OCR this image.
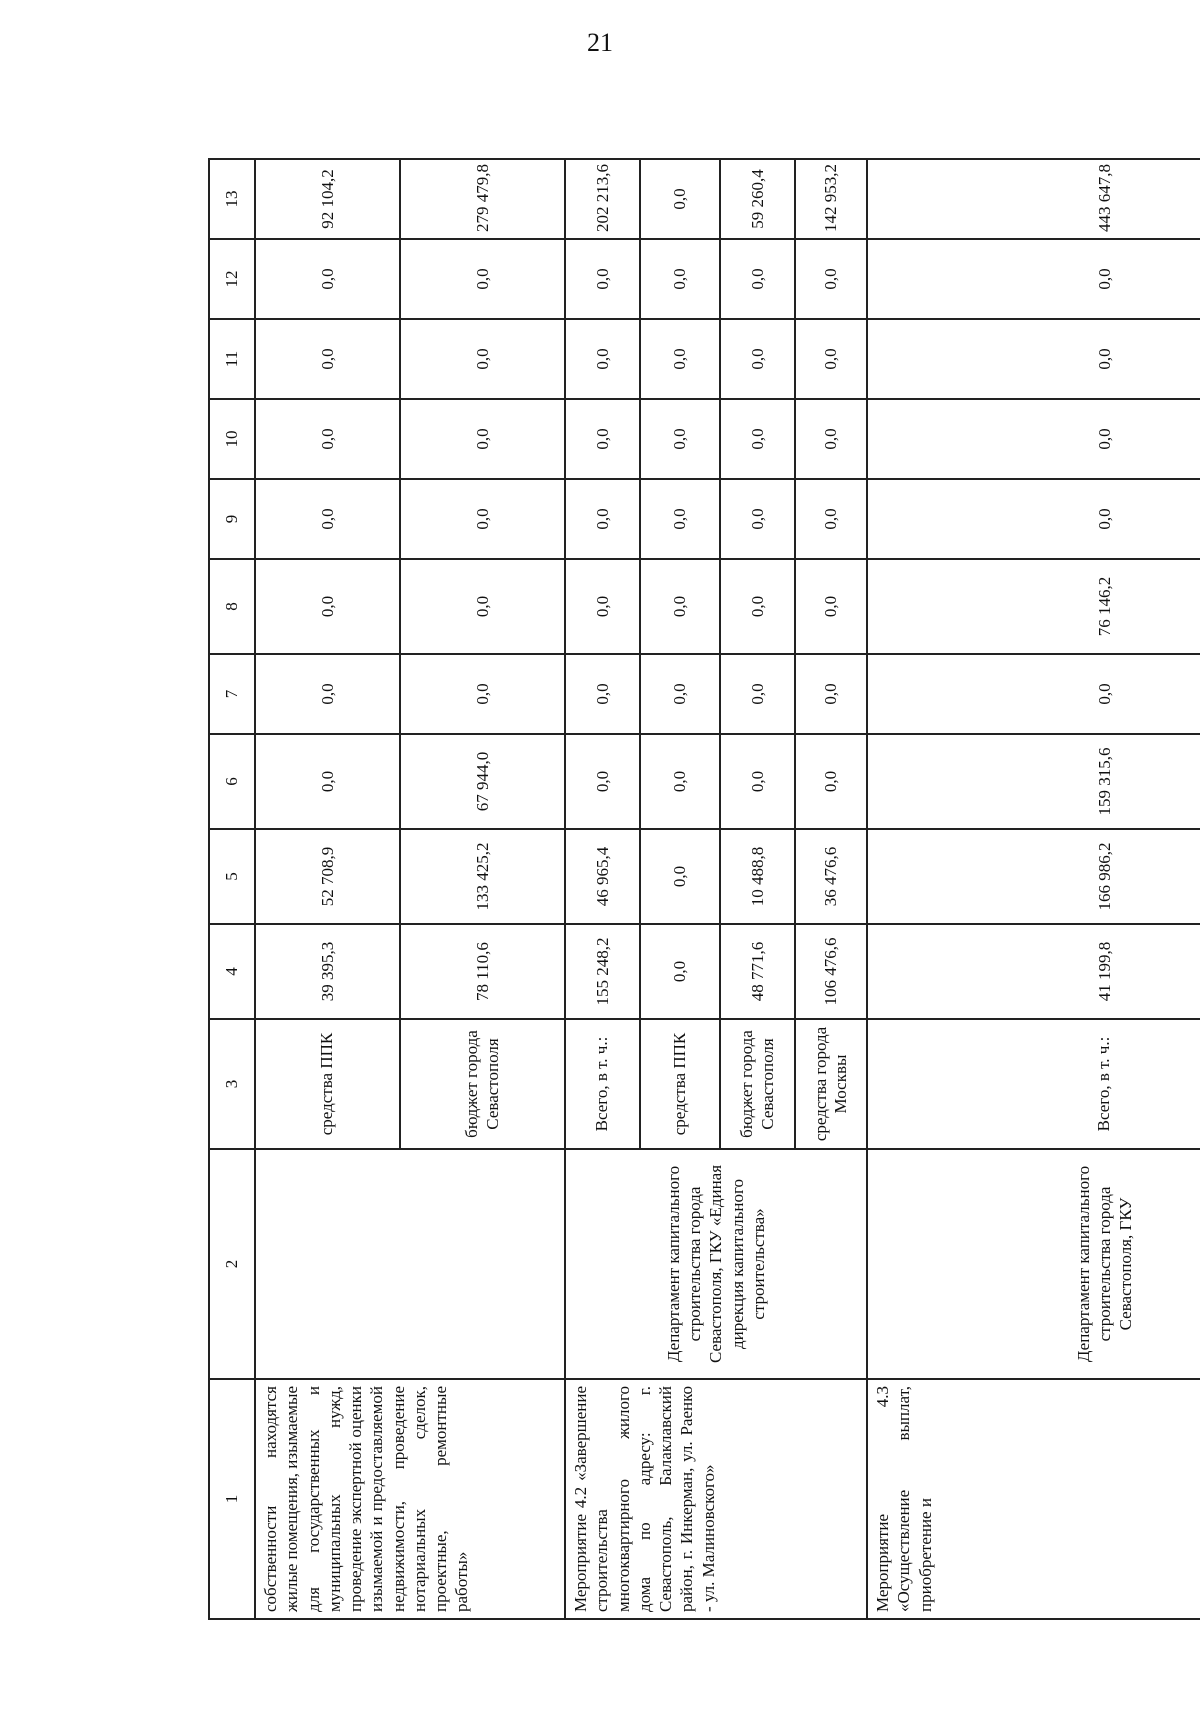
21
1	2	3	4	5	6	7	8	9	10	11	12	13
собственности находятся жилые помещения, изымаемые для государственных и муниципальных нужд, проведение экспертной оценки изымаемой и предоставляемой недвижимости, проведение нотариальных сделок, проектные, ремонтные работы»		средства ППК	39 395,3	52 708,9	0,0	0,0	0,0	0,0	0,0	0,0	0,0	92 104,2
		бюджет города Севастополя	78 110,6	133 425,2	67 944,0	0,0	0,0	0,0	0,0	0,0	0,0	279 479,8
Мероприятие 4.2 «Завершение строительства многоквартирного жилого дома по адресу: г. Севастополь, Балаклавский район, г. Инкерман, ул. Раенко - ул. Малиновского»	Департамент капитального строительства города Севастополя, ГКУ «Единая дирекция капитального строительства»	Всего, в т. ч.:	155 248,2	46 965,4	0,0	0,0	0,0	0,0	0,0	0,0	0,0	202 213,6
		средства ППК	0,0	0,0	0,0	0,0	0,0	0,0	0,0	0,0	0,0	0,0
		бюджет города Севастополя	48 771,6	10 488,8	0,0	0,0	0,0	0,0	0,0	0,0	0,0	59 260,4
		средства города Москвы	106 476,6	36 476,6	0,0	0,0	0,0	0,0	0,0	0,0	0,0	142 953,2
Мероприятие 4.3 «Осуществление выплат, приобретение и	Департамент капитального строительства города Севастополя, ГКУ	Всего, в т. ч.:	41 199,8	166 986,2	159 315,6	0,0	76 146,2	0,0	0,0	0,0	0,0	443 647,8
